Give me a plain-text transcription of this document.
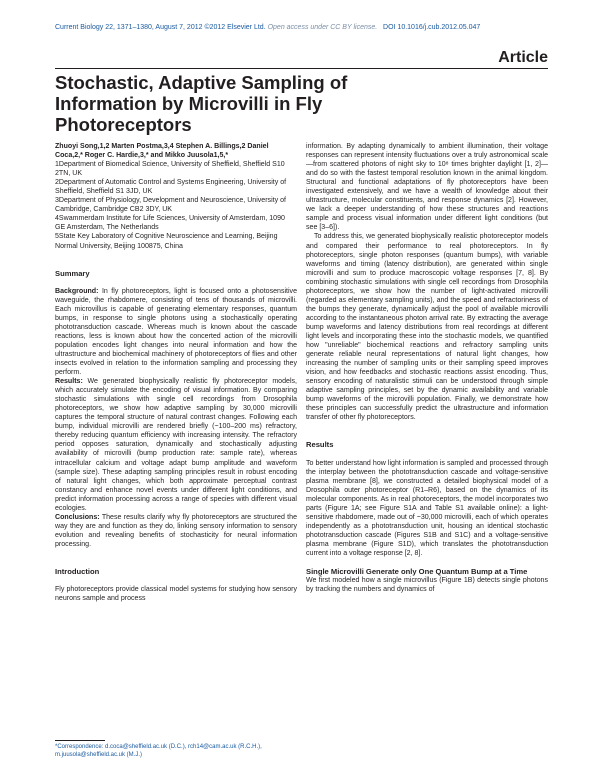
Current Biology 22, 1371–1380, August 7, 2012 ©2012 Elsevier Ltd. Open access under CC BY license. DOI 10.1016/j.cub.2012.05.047
Article
Stochastic, Adaptive Sampling of Information by Microvilli in Fly Photoreceptors

Zhuoyi Song,1,2 Marten Postma,3,4 Stephen A. Billings,2 Daniel Coca,2,* Roger C. Hardie,3,* and Mikko Juusola1,5,*

1Department of Biomedical Science, University of Sheffield, Sheffield S10 2TN, UK

2Department of Automatic Control and Systems Engineering, University of Sheffield, Sheffield S1 3JD, UK

3Department of Physiology, Development and Neuroscience, University of Cambridge, Cambridge CB2 3DY, UK

4Swammerdam Institute for Life Sciences, University of Amsterdam, 1090 GE Amsterdam, The Netherlands

5State Key Laboratory of Cognitive Neuroscience and Learning, Beijing Normal University, Beijing 100875, China

Summary

Background: In fly photoreceptors, light is focused onto a photosensitive waveguide, the rhabdomere, consisting of tens of thousands of microvilli. Each microvillus is capable of generating elementary responses, quantum bumps, in response to single photons using a stochastically operating phototransduction cascade. Whereas much is known about the cascade reactions, less is known about how the concerted action of the microvilli population encodes light changes into neural information and how the ultrastructure and biochemical machinery of photoreceptors of flies and other insects evolved in relation to the information sampling and processing they perform.

Results: We generated biophysically realistic fly photoreceptor models, which accurately simulate the encoding of visual information. By comparing stochastic simulations with single cell recordings from Drosophila photoreceptors, we show how adaptive sampling by 30,000 microvilli captures the temporal structure of natural contrast changes. Following each bump, individual microvilli are rendered briefly (~100–200 ms) refractory, thereby reducing quantum efficiency with increasing intensity. The refractory period opposes saturation, dynamically and stochastically adjusting availability of microvilli (bump production rate: sample rate), whereas intracellular calcium and voltage adapt bump amplitude and waveform (sample size). These adapting sampling principles result in robust encoding of natural light changes, which both approximate perceptual contrast constancy and enhance novel events under different light conditions, and predict information processing across a range of species with different visual ecologies.

Conclusions: These results clarify why fly photoreceptors are structured the way they are and function as they do, linking sensory information to sensory evolution and revealing benefits of stochasticity for neural information processing.

Introduction

Fly photoreceptors provide classical model systems for studying how sensory neurons sample and process

*Correspondence: d.coca@sheffield.ac.uk (D.C.), rch14@cam.ac.uk (R.C.H.), m.juusola@sheffield.ac.uk (M.J.)

information. By adapting dynamically to ambient illumination, their voltage responses can represent intensity fluctuations over a truly astronomical scale—from scattered photons of night sky to 10⁸ times brighter daylight [1, 2]—and do so with the fastest temporal resolution known in the animal kingdom. Structural and functional adaptations of fly photoreceptors have been investigated extensively, and we have a wealth of knowledge about their ultrastructure, molecular constituents, and response dynamics [2]. However, we lack a deeper understanding of how these structures and reactions sample and process visual information under different light conditions (but see [3–6]).

To address this, we generated biophysically realistic photoreceptor models and compared their performance to real photoreceptors. In fly photoreceptors, single photon responses (quantum bumps), with variable waveforms and timing (latency distribution), are generated within single microvilli and sum to produce macroscopic voltage responses [7, 8]. By combining stochastic simulations with single cell recordings from Drosophila photoreceptors, we show how the number of light-activated microvilli (regarded as elementary sampling units), and the speed and refractoriness of the bumps they generate, dynamically adjust the pool of available microvilli according to the instantaneous photon arrival rate. By extracting the average bump waveforms and latency distributions from real recordings at different light levels and incorporating these into the stochastic models, we quantified how "unreliable" biochemical reactions and refractory sampling units generate reliable neural representations of natural light changes, how increasing the number of sampling units or their sampling speed improves vision, and how feedbacks and stochastic reactions assist encoding. Thus, sensory encoding of naturalistic stimuli can be understood through simple adaptive sampling principles, set by the dynamic availability and variable bump waveforms of the microvilli population. Finally, we demonstrate how these principles can successfully predict the ultrastructure and information transfer of other fly photoreceptors.

Results

To better understand how light information is sampled and processed through the interplay between the phototransduction cascade and voltage-sensitive plasma membrane [8], we constructed a detailed biophysical model of a Drosophila outer photoreceptor (R1–R6), based on the dynamics of its molecular components. As in real photoreceptors, the model incorporates two parts (Figure 1A; see Figure S1A and Table S1 available online): a light-sensitive rhabdomere, made out of ~30,000 microvilli, each of which operates independently as a phototransduction unit, housing an identical stochastic phototransduction cascade (Figures S1B and S1C) and a voltage-sensitive plasma membrane (Figure S1D), which translates the phototransduction current into a voltage response [2, 8].

Single Microvilli Generate only One Quantum Bump at a Time

We first modeled how a single microvillus (Figure 1B) detects single photons by tracking the numbers and dynamics of
